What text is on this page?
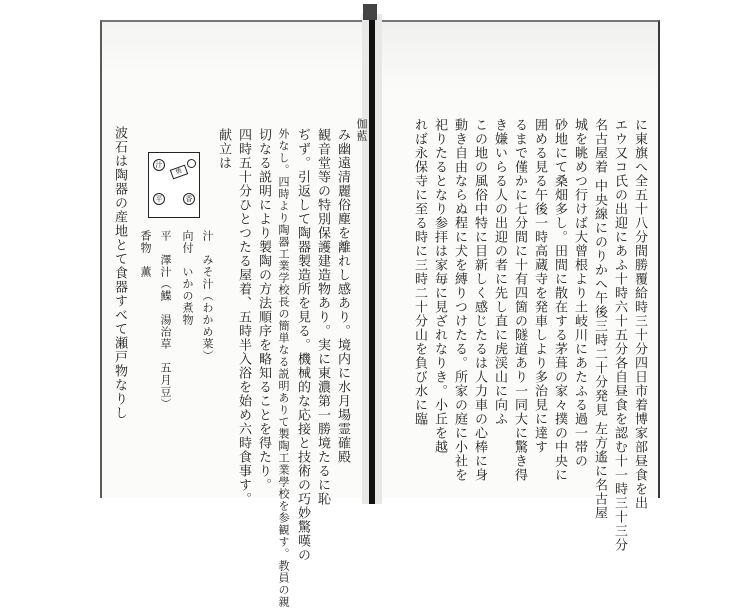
に東旗へ全五十八分間勝覆給時三十分四日市着博家部昼食を出
エウ又コ氏の出迎にあふ十時六十五分各自昼食を認む十一時三十三分
名古屋着 中央線にのりかへ午後三時二十分発見 左方遙に名古屋
城を眺めつ行けば大曾根より土岐川にあたふる過一帯の
砂地にて桑畑多し。田間に散在する茅葺の家々撲の中央に
囲める見る午後一時高蔵寺を発車しより多治見に達す
るまで僅かに七分間に十有四箇の隧道あり一同大に驚き得
き嫌いらる人の出迎の者に先し直に虎渓山に向ふ
この地の風俗中特に目新しく感じたるは人力車の心棒に身
動き自由ならぬ程に犬を縛りつけたる。所家の庭に小社を
祀りたるとなり参拝は家毎に見ざれなりき。小丘を越
れば永保寺に至る時に三時二十分山を負び水に臨
伽藍
み幽遠清麗俗塵を離れし感あり。境内に水月場霊確殿
観音堂等の特別保護建造物あり。実に東濃第一勝境たるに恥
ぢず。引返して陶器製造所を見る。機械的な応接と技術の巧妙驚嘆の
外なし。四時より陶器工業学校長の簡単なる説明ありて製陶工業學校を参観す。教員の親
切なる説明により製陶の方法順序を略知ることを得たり。
四時五十分ひとつたる屋着、五時半入浴を始め六時食事す。
献立は
汁　みそ汁（わかめ菜）
向付　いかの煮物
平　澤汁（鰈　湯治草　五月豆）
香物　薫
波石は陶器の産地とて食器すべて瀬戸物なりし	汁
焼
平	香
